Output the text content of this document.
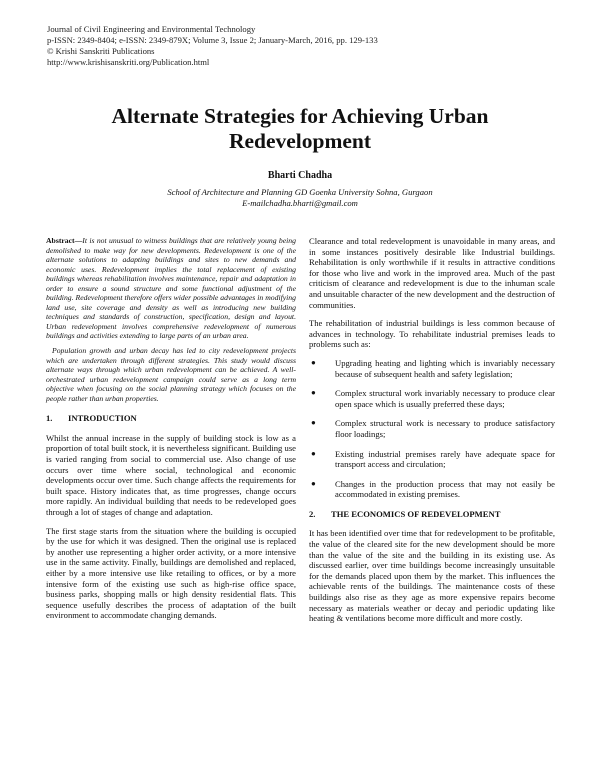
Journal of Civil Engineering and Environmental Technology
p-ISSN: 2349-8404; e-ISSN: 2349-879X; Volume 3, Issue 2; January-March, 2016, pp. 129-133
© Krishi Sanskriti Publications
http://www.krishisanskriti.org/Publication.html
Alternate Strategies for Achieving Urban Redevelopment
Bharti Chadha
School of Architecture and Planning GD Goenka University Sohna, Gurgaon
E-mailchadha.bharti@gmail.com

Abstract—It is not unusual to witness buildings that are relatively young being demolished to make way for new developments. Redevelopment is one of the alternate solutions to adapting buildings and sites to new demands and economic uses. Redevelopment implies the total replacement of existing buildings whereas rehabilitation involves maintenance, repair and adaptation in order to ensure a sound structure and some functional adjustment of the building. Redevelopment therefore offers wider possible advantages in modifying land use, site coverage and density as well as introducing new building techniques and standards of construction, specification, design and layout. Urban redevelopment involves comprehensive redevelopment of numerous buildings and activities extending to large parts of an urban area.

Population growth and urban decay has led to city redevelopment projects which are undertaken through different strategies. This study would discuss alternate ways through which urban redevelopment can be achieved. A well-orchestrated urban redevelopment campaign could serve as a long term objective when focusing on the social planning strategy which focuses on the people rather than urban properties.

1.	INTRODUCTION

Whilst the annual increase in the supply of building stock is low as a proportion of total built stock, it is nevertheless significant. Building use is varied ranging from social to commercial use. Also change of use occurs over time where social, technological and economic developments occur over time. Such change affects the requirements for built space. History indicates that, as time progresses, change occurs more rapidly. An individual building that needs to be redeveloped goes through a lot of stages of change and adaptation.

The first stage starts from the situation where the building is occupied by the use for which it was designed. Then the original use is replaced by another use representing a higher order activity, or a more intensive use in the same activity. Finally, buildings are demolished and replaced, either by a more intensive use like retailing to offices, or by a more intensive form of the existing use such as high-rise office space, business parks, shopping malls or high density residential flats. This sequence usefully describes the process of adaptation of the built environment to accommodate changing demands.

Clearance and total redevelopment is unavoidable in many areas, and in some instances positively desirable like Industrial buildings. Rehabilitation is only worthwhile if it results in attractive conditions for those who live and work in the improved area. Much of the past criticism of clearance and redevelopment is due to the inhuman scale and unsuitable character of the new development and the destruction of communities.

The rehabilitation of industrial buildings is less common because of advances in technology. To rehabilitate industrial premises leads to problems such as:

●	Upgrading heating and lighting which is invariably necessary because of subsequent health and safety legislation;
●	Complex structural work invariably necessary to produce clear open space which is usually preferred these days;
●	Complex structural work is necessary to produce satisfactory floor loadings;
●	Existing industrial premises rarely have adequate space for transport access and circulation;
●	Changes in the production process that may not easily be accommodated in existing premises.
2.	THE ECONOMICS OF REDEVELOPMENT

It has been identified over time that for redevelopment to be profitable, the value of the cleared site for the new development should be more than the value of the site and the building in its existing use. As discussed earlier, over time buildings become increasingly unsuitable for the demands placed upon them by the market. This influences the achievable rents of the buildings. The maintenance costs of these buildings also rise as they age as more expensive repairs become necessary as materials weather or decay and periodic updating like heating & ventilations become more difficult and more costly.
